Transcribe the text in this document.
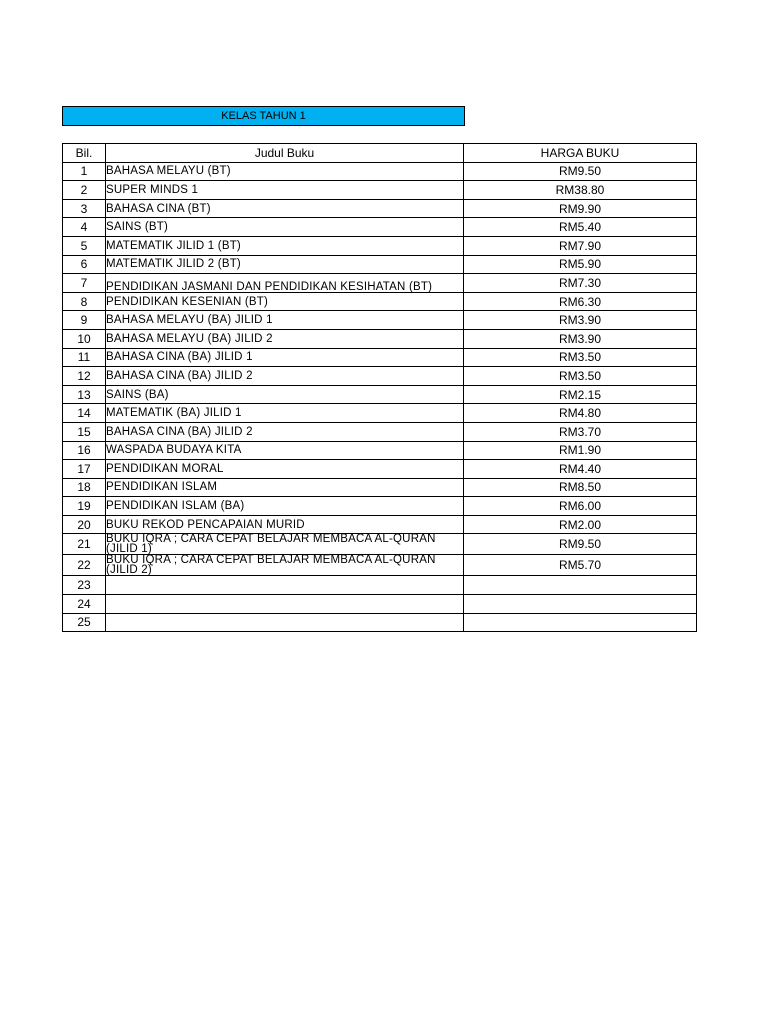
KELAS TAHUN 1
Bil.	Judul Buku	HARGA BUKU
1	BAHASA MELAYU (BT)	RM9.50
2	SUPER MINDS 1	RM38.80
3	BAHASA CINA (BT)	RM9.90
4	SAINS (BT)	RM5.40
5	MATEMATIK JILID 1 (BT)	RM7.90
6	MATEMATIK JILID 2 (BT)	RM5.90
7	PENDIDIKAN JASMANI DAN PENDIDIKAN KESIHATAN (BT)	RM7.30
8	PENDIDIKAN KESENIAN (BT)	RM6.30
9	BAHASA MELAYU (BA) JILID 1	RM3.90
10	BAHASA MELAYU (BA) JILID 2	RM3.90
11	BAHASA CINA (BA) JILID 1	RM3.50
12	BAHASA CINA (BA) JILID 2	RM3.50
13	SAINS (BA)	RM2.15
14	MATEMATIK (BA) JILID 1	RM4.80
15	BAHASA CINA (BA) JILID 2	RM3.70
16	WASPADA BUDAYA KITA	RM1.90
17	PENDIDIKAN MORAL	RM4.40
18	PENDIDIKAN ISLAM	RM8.50
19	PENDIDIKAN ISLAM (BA)	RM6.00
20	BUKU REKOD PENCAPAIAN MURID	RM2.00
21	BUKU IQRA ; CARA CEPAT BELAJAR MEMBACA AL-QURAN (JILID 1)	RM9.50
22	BUKU IQRA ; CARA CEPAT BELAJAR MEMBACA AL-QURAN (JILID 2)	RM5.70
23		
24		
25		
